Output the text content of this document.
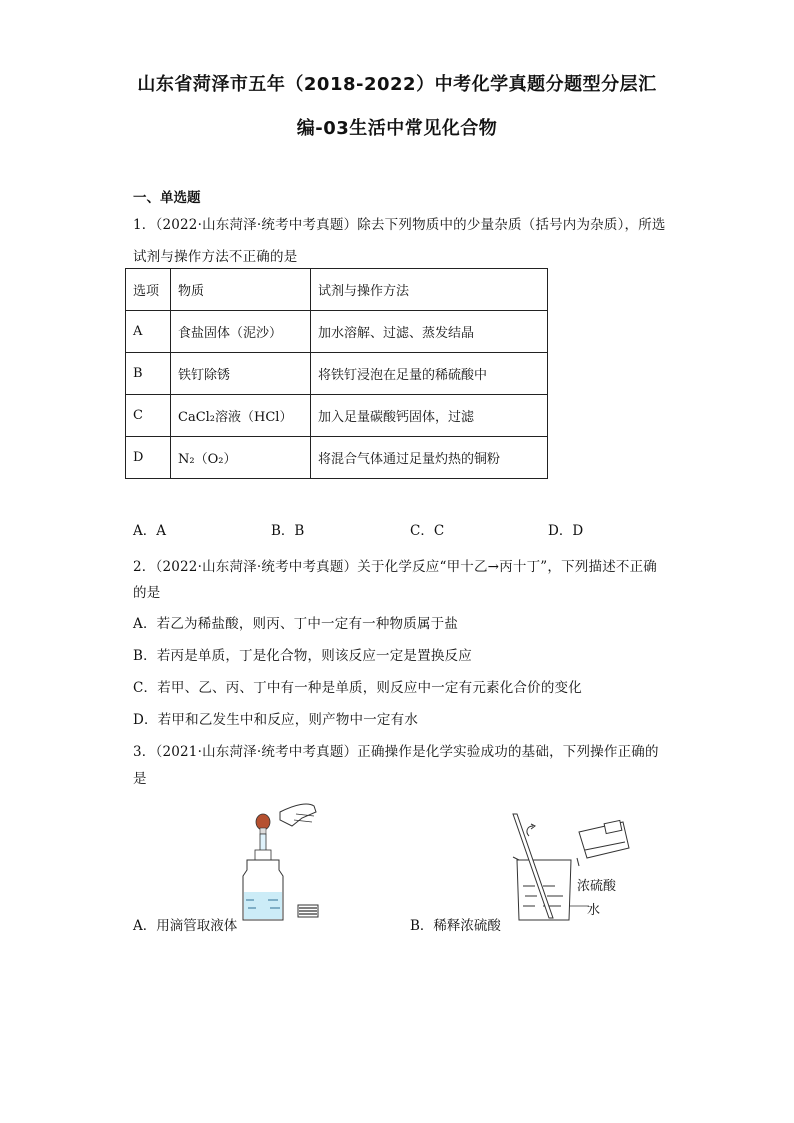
山东省菏泽市五年（2018-2022）中考化学真题分题型分层汇
编-03生活中常见化合物
一、单选题
1．（2022·山东菏泽·统考中考真题）除去下列物质中的少量杂质（括号内为杂质），所选
试剂与操作方法不正确的是
选项	物质	试剂与操作方法
A	食盐固体（泥沙）	加水溶解、过滤、蒸发结晶
B	铁钉除锈	将铁钉浸泡在足量的稀硫酸中
C	CaCl₂溶液（HCl）	加入足量碳酸钙固体，过滤
D	N₂（O₂）	将混合气体通过足量灼热的铜粉
A．A	B．B	C．C	D．D
2．（2022·山东菏泽·统考中考真题）关于化学反应“甲十乙→丙十丁”，下列描述不正确
的是
A．若乙为稀盐酸，则丙、丁中一定有一种物质属于盐
B．若丙是单质，丁是化合物，则该反应一定是置换反应
C．若甲、乙、丙、丁中有一种是单质，则反应中一定有元素化合价的变化
D．若甲和乙发生中和反应，则产物中一定有水
3．（2021·山东菏泽·统考中考真题）正确操作是化学实验成功的基础，下列操作正确的
是
A．用滴管取液体
浓硫酸
水
B．稀释浓硫酸
